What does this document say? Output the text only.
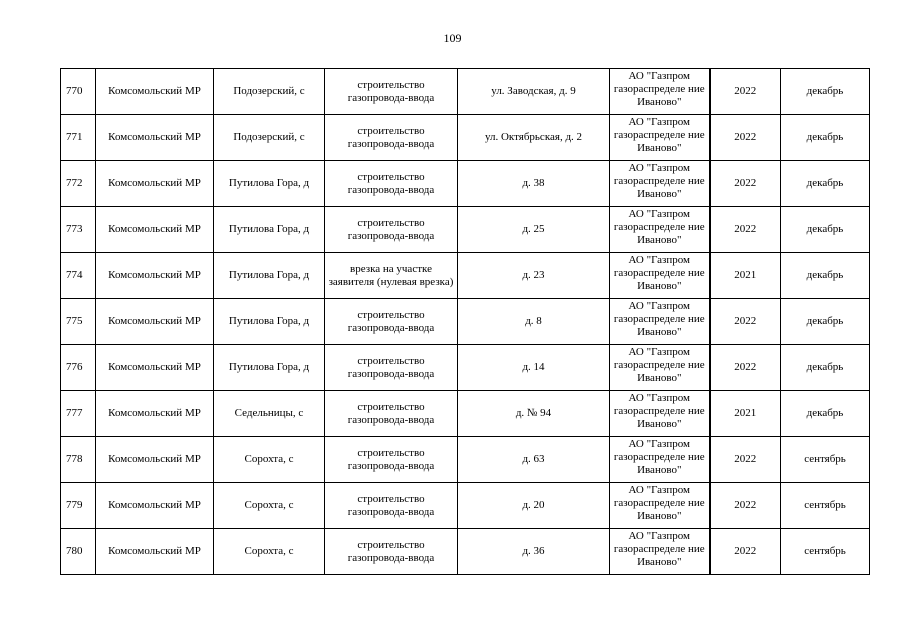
109
770	Комсомольский МР	Подозерский, с	строительство газопровода-ввода	ул. Заводская, д. 9	АО "Газпром газораспределе ние Иваново"	2022	декабрь
771	Комсомольский МР	Подозерский, с	строительство газопровода-ввода	ул. Октябрьская, д. 2	АО "Газпром газораспределе ние Иваново"	2022	декабрь
772	Комсомольский МР	Путилова Гора, д	строительство газопровода-ввода	д. 38	АО "Газпром газораспределе ние Иваново"	2022	декабрь
773	Комсомольский МР	Путилова Гора, д	строительство газопровода-ввода	д. 25	АО "Газпром газораспределе ние Иваново"	2022	декабрь
774	Комсомольский МР	Путилова Гора, д	врезка на участке заявителя (нулевая врезка)	д. 23	АО "Газпром газораспределе ние Иваново"	2021	декабрь
775	Комсомольский МР	Путилова Гора, д	строительство газопровода-ввода	д. 8	АО "Газпром газораспределе ние Иваново"	2022	декабрь
776	Комсомольский МР	Путилова Гора, д	строительство газопровода-ввода	д. 14	АО "Газпром газораспределе ние Иваново"	2022	декабрь
777	Комсомольский МР	Седельницы, с	строительство газопровода-ввода	д. № 94	АО "Газпром газораспределе ние Иваново"	2021	декабрь
778	Комсомольский МР	Сорохта, с	строительство газопровода-ввода	д. 63	АО "Газпром газораспределе ние Иваново"	2022	сентябрь
779	Комсомольский МР	Сорохта, с	строительство газопровода-ввода	д. 20	АО "Газпром газораспределе ние Иваново"	2022	сентябрь
780	Комсомольский МР	Сорохта, с	строительство газопровода-ввода	д. 36	АО "Газпром газораспределе ние Иваново"	2022	сентябрь
